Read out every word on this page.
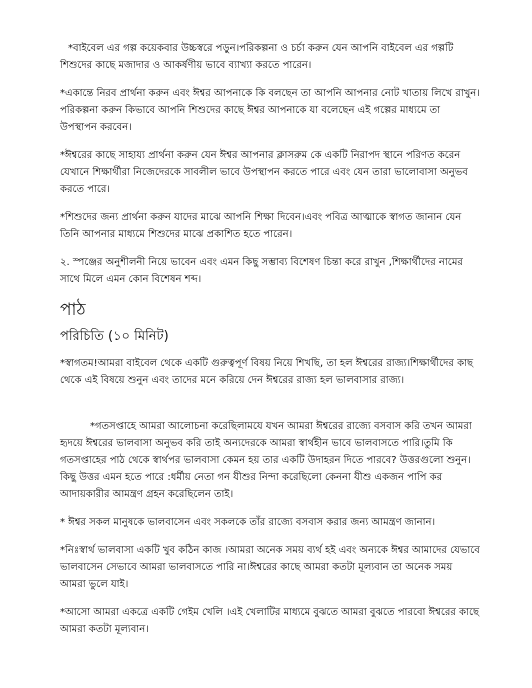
*বাইবেল এর গল্প কয়েকবার উচ্চস্বরে পড়ুন।পরিকল্পনা ও চর্চা করুন যেন আপনি বাইবেল এর গল্পটি শিশুদের কাছে মজাদার ও আকর্ষণীয় ভাবে ব্যাখ্যা করতে পারেন।

*একান্তে নিরব প্রার্থনা করুন এবং ঈশ্বর আপনাকে কি বলছেন তা আপনি আপনার নোট খাতায় লিখে রাখুন।পরিকল্পনা করুন কিভাবে আপনি শিশুদের কাছে ঈশ্বর আপনাকে যা বলেছেন এই গল্পের মাধ্যমে তা উপস্থাপন করবেন।

*ঈশ্বরের কাছে সাহায্য প্রার্থনা করুন যেন ঈশ্বর আপনার ক্লাসরুম কে একটি নিরাপদ স্থানে পরিণত করেন যেখানে শিক্ষার্থীরা নিজেদেরকে সাবলীল ভাবে উপস্থাপন করতে পারে এবং যেন তারা ভালোবাসা অনুভব করতে পারে।

*শিশুদের জন্য প্রার্থনা করুন যাদের মাঝে আপনি শিক্ষা দিবেন।এবং পবিত্র আত্মাকে স্বাগত জানান যেন তিনি আপনার মাধ্যমে শিশুদের মাঝে প্রকাশিত হতে পারেন।

২. স্পঞ্জের অনুশীলনী নিয়ে ভাবেন এবং এমন কিছু সম্ভাব্য বিশেষণ চিন্তা করে রাখুন ,শিক্ষার্থীদের নামের সাথে মিলে এমন কোন বিশেষন শব্দ।

পাঠ
পরিচিতি (১০ মিনিট)

*স্বাগতম!আমরা বাইবেল থেকে একটি গুরুত্বপূর্ণ বিষয় নিয়ে শিখছি, তা হল ঈশ্বরের রাজ্য।শিক্ষার্থীদের কাছ থেকে এই বিষয়ে শুনুন এবং তাদের মনে করিয়ে দেন ঈশ্বরের রাজ্য হল ভালবাসার রাজ্য।

*গতসপ্তাহে আমরা আলোচনা করেছিলামযে যখন আমরা ঈশ্বরের রাজ্যে বসবাস করি তখন আমরা হৃদয়ে ঈশ্বরের ভালবাসা অনুভব করি তাই অন্যদেরকে আমরা স্বার্থহীন ভাবে ভালবাসতে পারি।তুমি কি গতসপ্তাহের পাঠ থেকে স্বার্থপর ভালবাসা কেমন হয় তার একটি উদাহরন দিতে পারবে? উত্তরগুলো শুনুন।কিছু উত্তর এমন হতে পারে :ধর্মীয় নেতা গন যীশুর নিন্দা করেছিলো কেননা যীশু একজন পাপি কর আদায়কারীর আমন্ত্রণ গ্রহন করেছিলেন তাই।

* ঈশ্বর সকল মানুষকে ভালবাসেন এবং সকলকে তাঁর রাজ্যে বসবাস করার জন্য আমন্ত্রণ জানান।

*নিঃস্বার্থ ভালবাসা একটি খুব কঠিন কাজ ।আমরা অনেক সময় ব্যর্থ হই এবং অন্যকে ঈশ্বর আমাদের যেভাবে ভালবাসেন সেভাবে আমরা ভালবাসতে পারি না।ঈশ্বরের কাছে আমরা কতটা মূল্যবান তা অনেক সময় আমরা ভুলে যাই।

*আসো আমরা একত্রে একটি গেইম খেলি ।এই খেলাটির মাধ্যমে বুঝতে আমরা বুঝতে পারবো ঈশ্বরের কাছে আমরা কতটা মূল্যবান।
